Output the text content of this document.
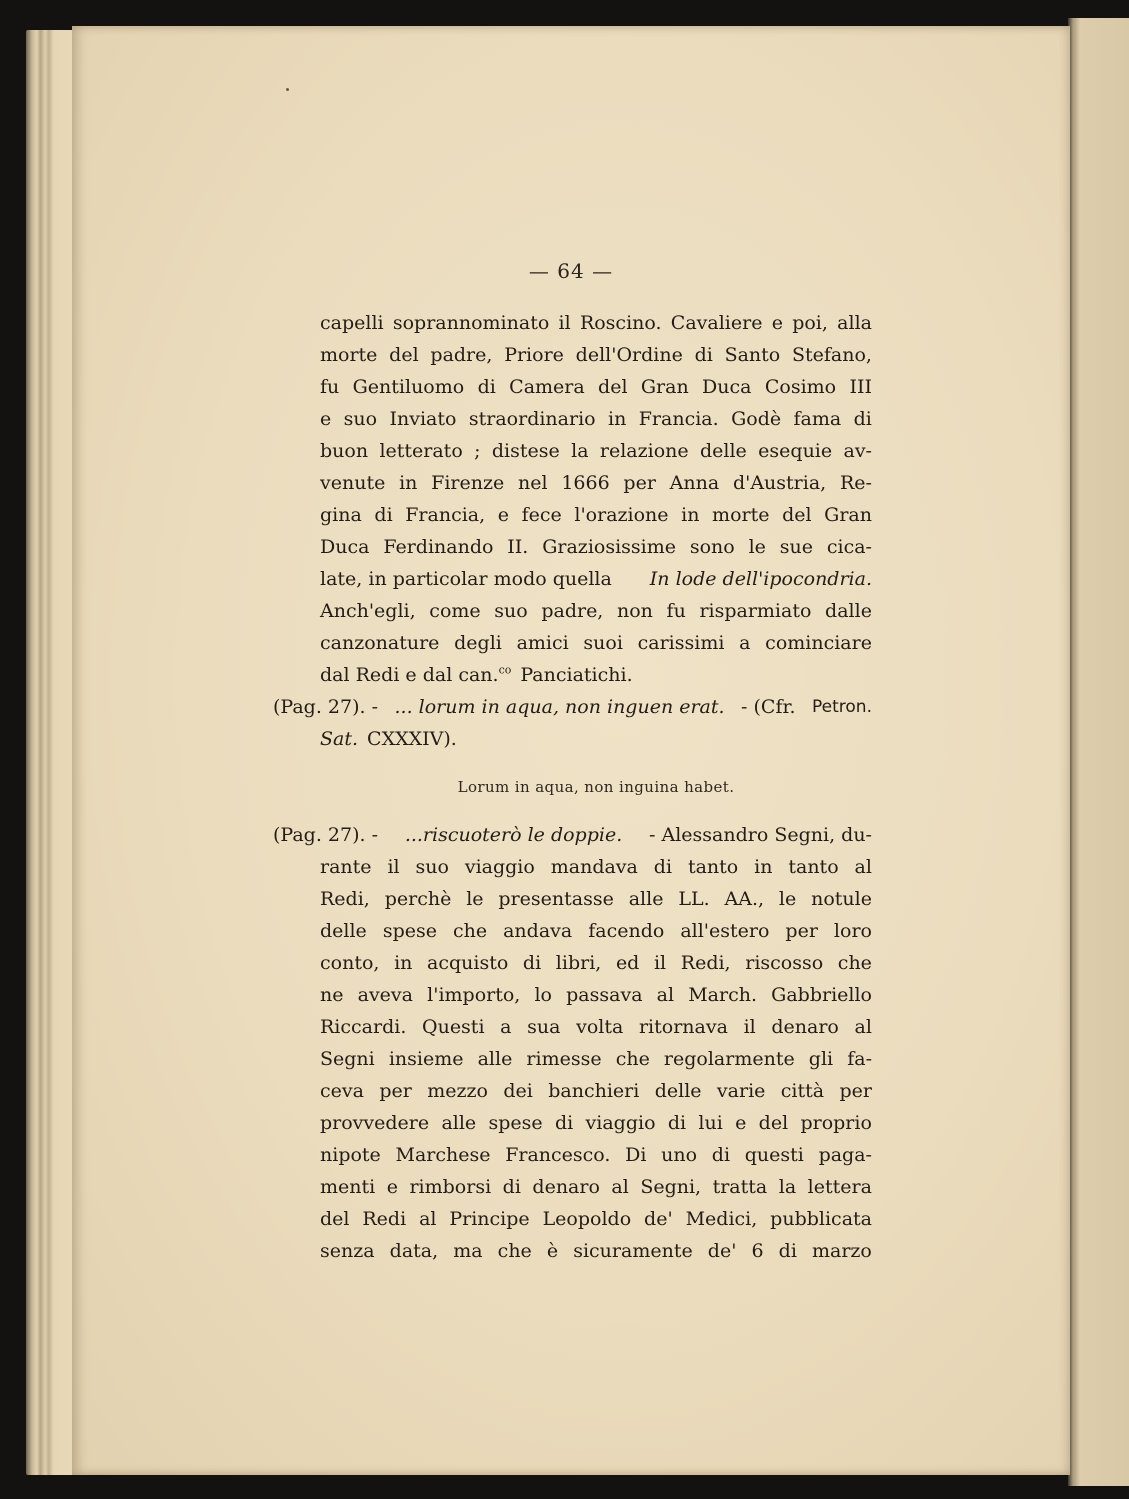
— 64 —
capelli soprannominato il Roscino. Cavaliere e poi, alla
morte del padre, Priore dell'Ordine di Santo Stefano,
fu Gentiluomo di Camera del Gran Duca Cosimo III
e suo Inviato straordinario in Francia. Godè fama di
buon letterato ; distese la relazione delle esequie av-
venute in Firenze nel 1666 per Anna d'Austria, Re-
gina di Francia, e fece l'orazione in morte del Gran
Duca Ferdinando II. Graziosissime sono le sue cica-
late, in particolar modo quella In lode dell'ipocondria.
Anch'egli, come suo padre, non fu risparmiato dalle
canzonature degli amici suoi carissimi a cominciare
dal Redi e dal can.$^{co}$ Panciatichi.
(Pag. 27). - ... lorum in aqua, non inguen erat. - (Cfr. Petron.
Sat. CXXXIV).
Lorum in aqua, non inguina habet.
(Pag. 27). - ...riscuoterò le doppie. - Alessandro Segni, du-
rante il suo viaggio mandava di tanto in tanto al
Redi, perchè le presentasse alle LL. AA., le notule
delle spese che andava facendo all'estero per loro
conto, in acquisto di libri, ed il Redi, riscosso che
ne aveva l'importo, lo passava al March. Gabbriello
Riccardi. Questi a sua volta ritornava il denaro al
Segni insieme alle rimesse che regolarmente gli fa-
ceva per mezzo dei banchieri delle varie città per
provvedere alle spese di viaggio di lui e del proprio
nipote Marchese Francesco. Di uno di questi paga-
menti e rimborsi di denaro al Segni, tratta la lettera
del Redi al Principe Leopoldo de' Medici, pubblicata
senza data, ma che è sicuramente de' 6 di marzo
